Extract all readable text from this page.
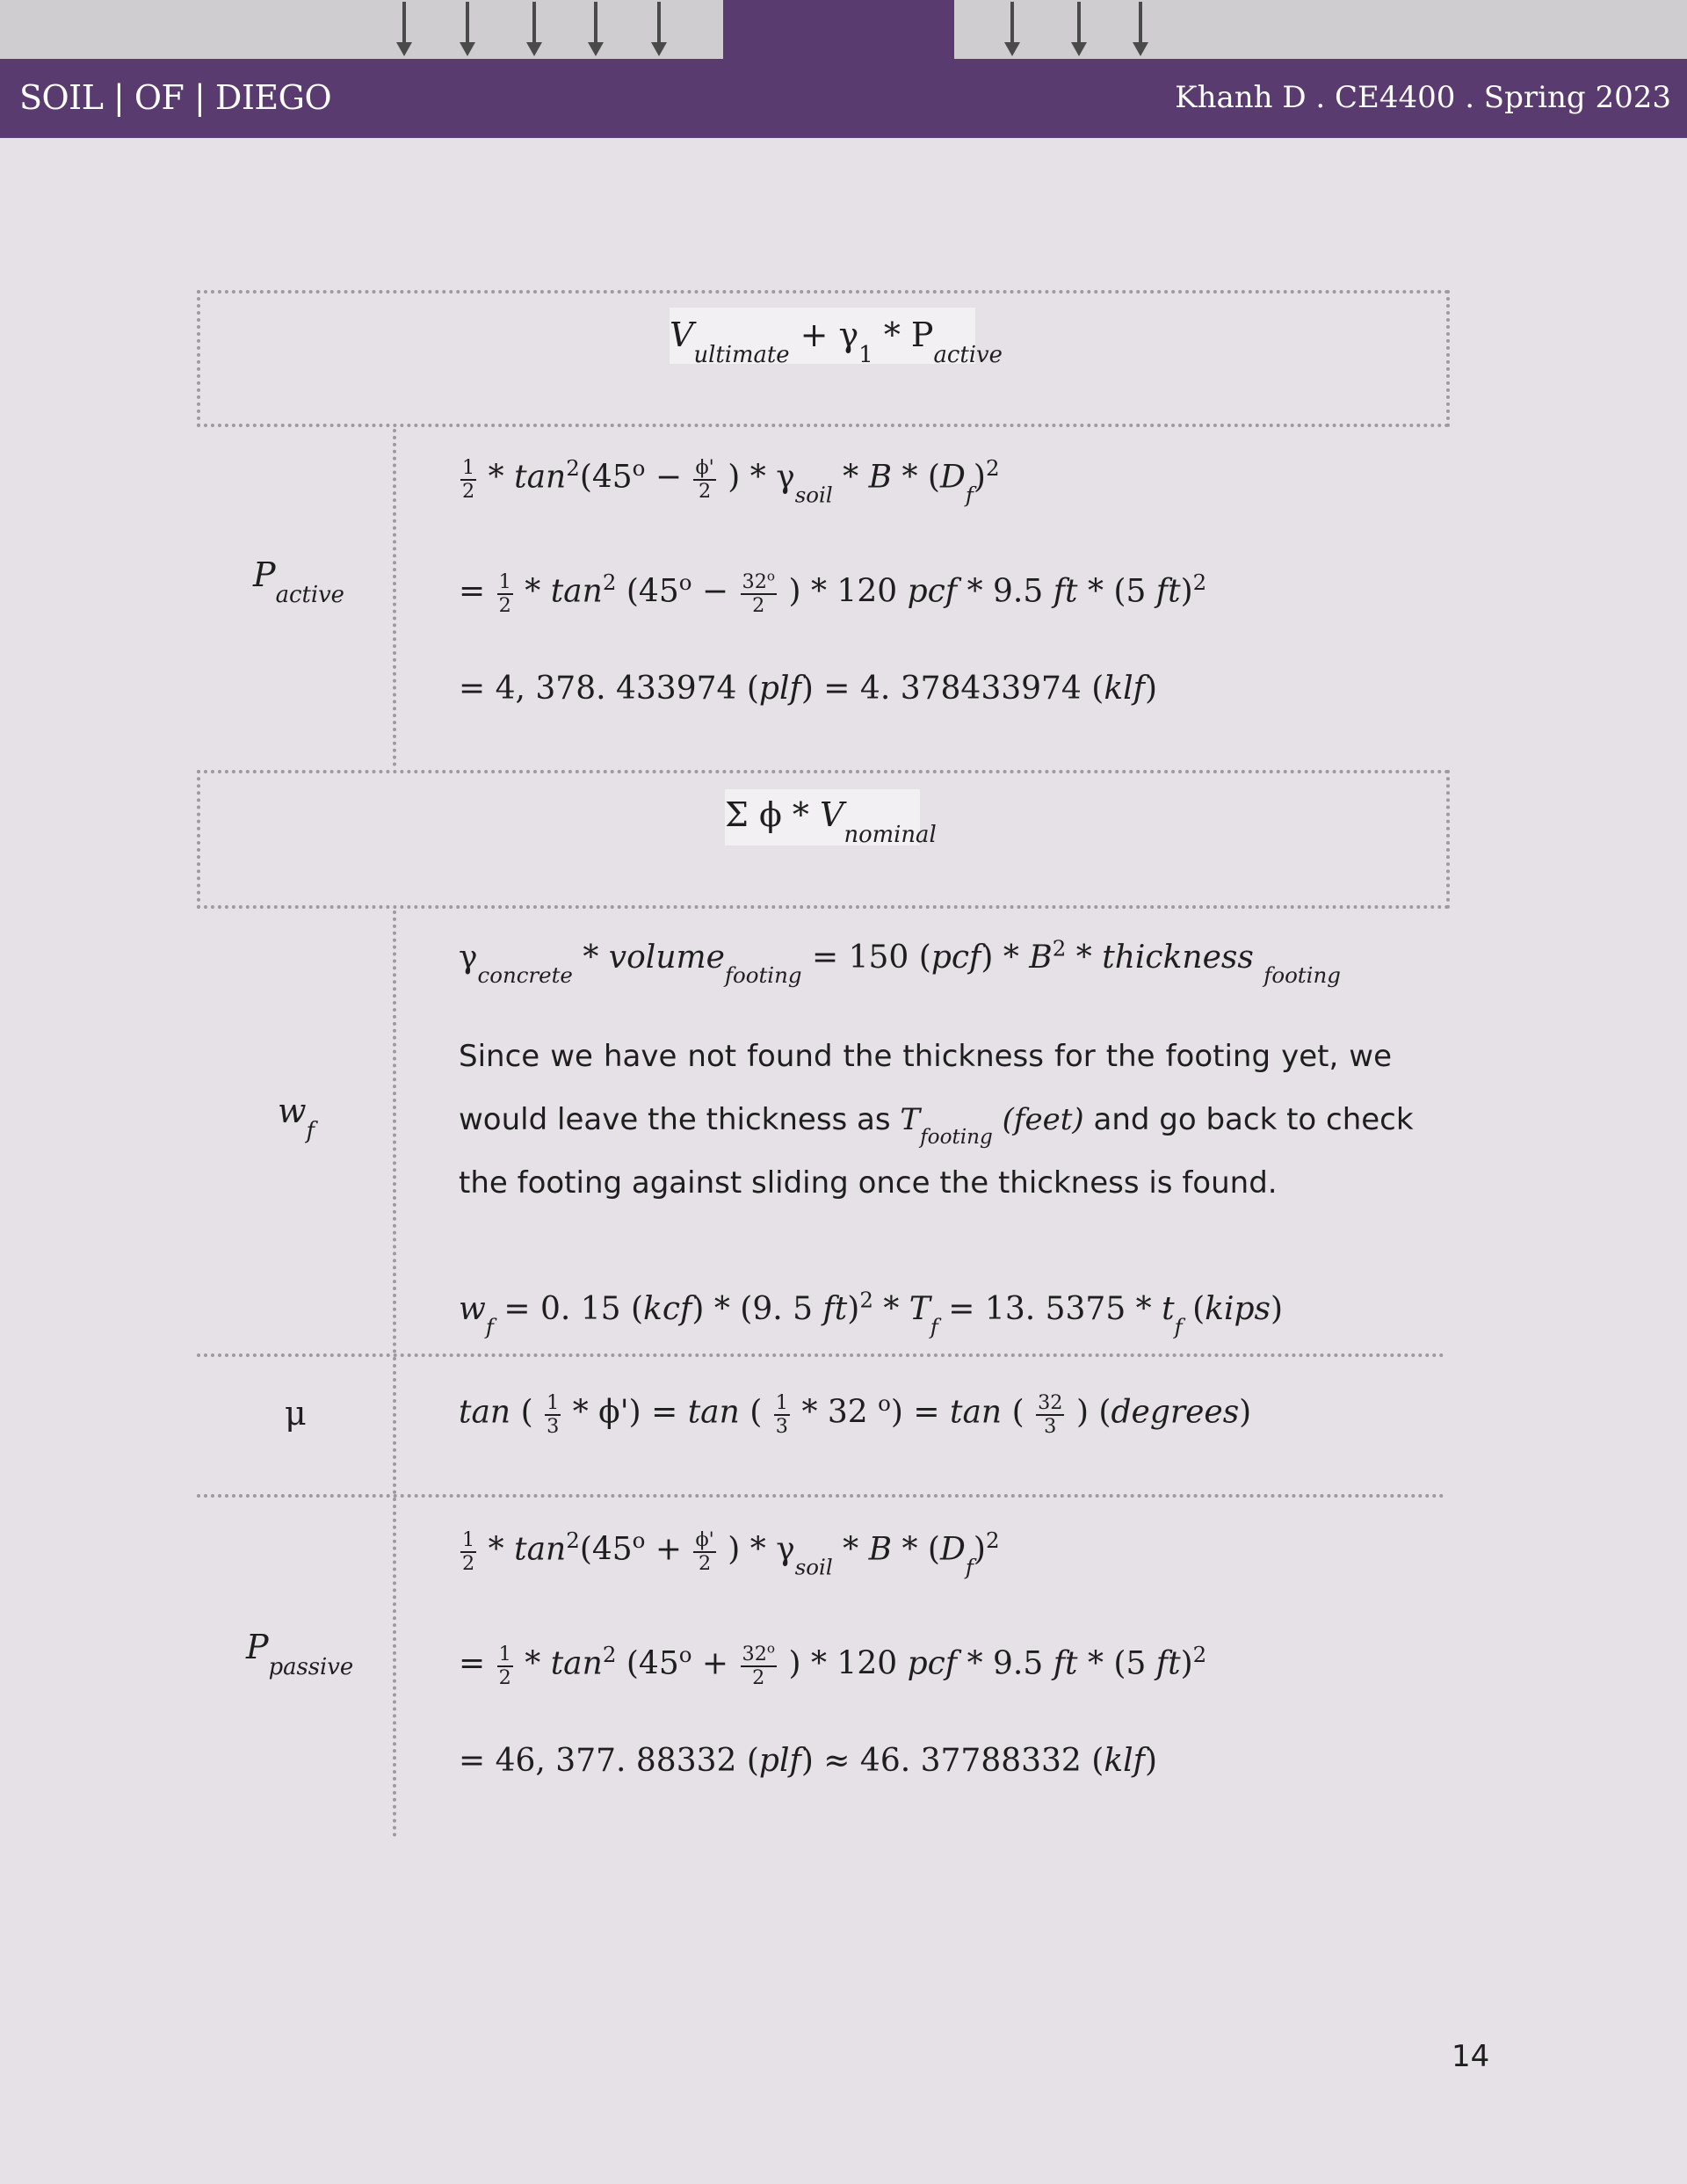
SOIL | OF | DIEGO	Khanh D . CE4400 . Spring 2023
$V_{ultimate} + \gamma_1 * P_{active}$
$P_{active}$
$\frac{1}{2} * \tan^2(45^o - \frac{\phi'}{2}$ ) * $\gamma_{soil}$ * B * $(D_f)^2$
= $\frac{1}{2} * \tan^2 (45^o - \frac{32^o}{2}$ ) * 120 pcf * 9.5 ft * (5 ft)$^2$
= 4, 378. 433974 (plf) = 4. 378433974 (klf)
Σ ϕ * $V_{nominal}$
$w_f$
$\gamma_{concrete}$ * volume$_{footing}$ = 150 $(pcf) * B^2$ * thickness $_{footing}$
Since we have not found the thickness for the footing yet, we
would leave the thickness as $T_{footing}$ (feet) and go back to check
the footing against sliding once the thickness is found.
$w_f = 0$. 15 (kcf) * (9. 5 $ft)^2 * T_f = 13$. $5375 * t_f$ (kips)
μ	tan ( $\frac{1}{3} * \phi') = \tan$ ( $\frac{1}{3} * 32$ $^o$) = tan ( $\frac{32}{3}$ ) (degrees)
$P_{passive}$
$\frac{1}{2} * \tan^2(45^o + \frac{\phi'}{2}$ ) * $\gamma_{soil}$ * B * $(D_f)^2$
= $\frac{1}{2} * \tan^2 (45^o + \frac{32^o}{2}$ ) * 120 pcf * 9.5 ft * (5 ft)$^2$
= 46, 377. 88332 (plf) ≈ 46. 37788332 (klf)
14
